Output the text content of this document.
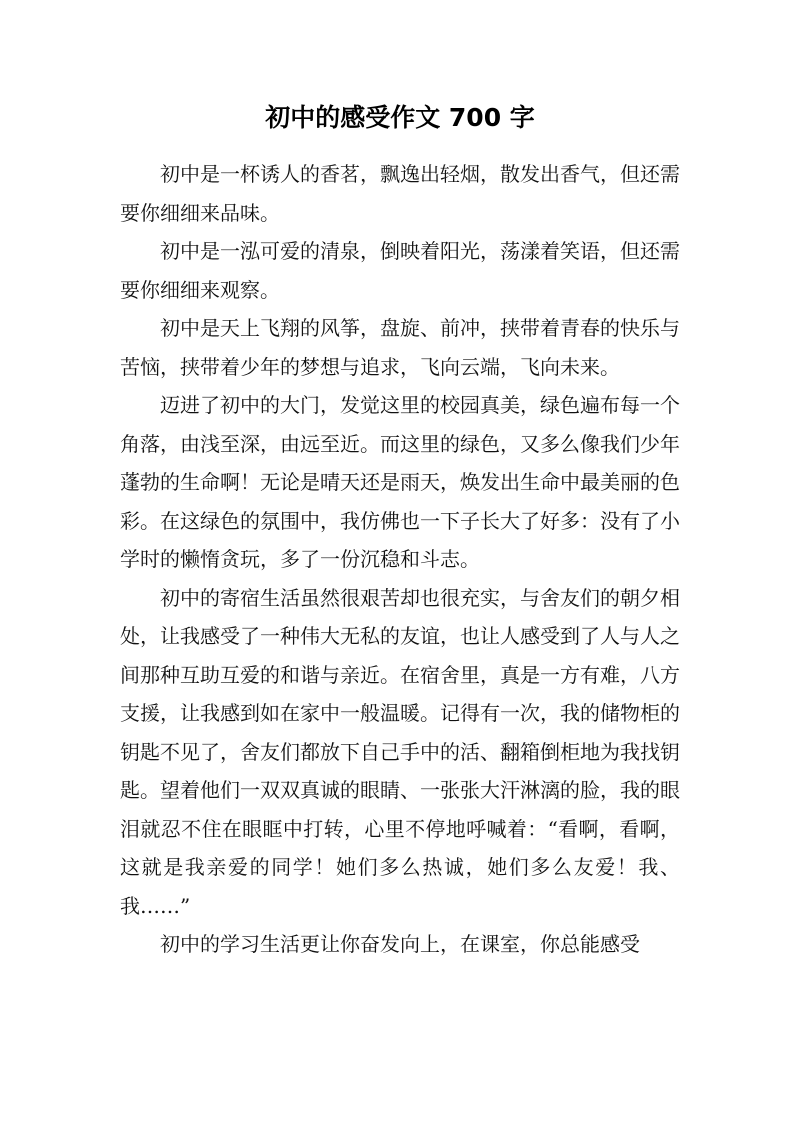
初中的感受作文 700 字

初中是一杯诱人的香茗，飘逸出轻烟，散发出香气，但还需要你细细来品味。

初中是一泓可爱的清泉，倒映着阳光，荡漾着笑语，但还需要你细细来观察。

初中是天上飞翔的风筝，盘旋、前冲，挟带着青春的快乐与苦恼，挟带着少年的梦想与追求，飞向云端，飞向未来。

迈进了初中的大门，发觉这里的校园真美，绿色遍布每一个角落，由浅至深，由远至近。而这里的绿色，又多么像我们少年蓬勃的生命啊！无论是晴天还是雨天，焕发出生命中最美丽的色彩。在这绿色的氛围中，我仿佛也一下子长大了好多：没有了小学时的懒惰贪玩，多了一份沉稳和斗志。

初中的寄宿生活虽然很艰苦却也很充实，与舍友们的朝夕相处，让我感受了一种伟大无私的友谊，也让人感受到了人与人之间那种互助互爱的和谐与亲近。在宿舍里，真是一方有难，八方支援，让我感到如在家中一般温暖。记得有一次，我的储物柜的钥匙不见了，舍友们都放下自己手中的活、翻箱倒柜地为我找钥匙。望着他们一双双真诚的眼睛、一张张大汗淋漓的脸，我的眼泪就忍不住在眼眶中打转，心里不停地呼喊着：“看啊，看啊，这就是我亲爱的同学！她们多么热诚，她们多么友爱！我、我……”

初中的学习生活更让你奋发向上，在课室，你总能感受
